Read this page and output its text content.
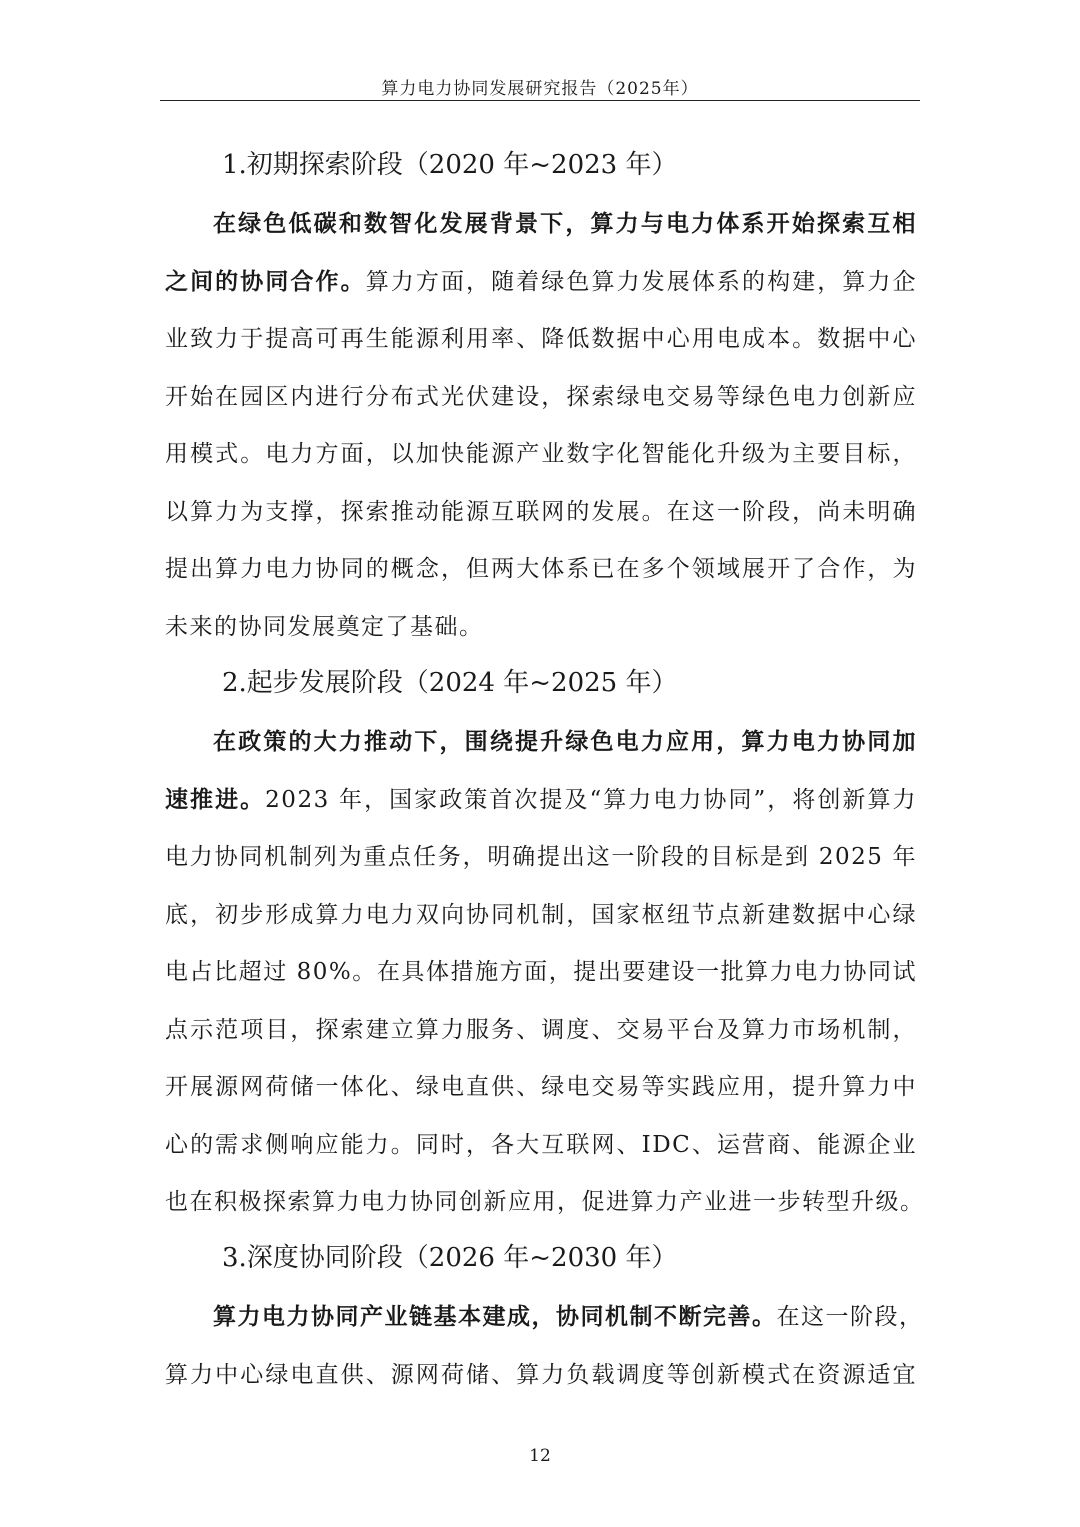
算力电力协同发展研究报告（2025年）
1.初期探索阶段（2020 年~2023 年）
在绿色低碳和数智化发展背景下，算力与电力体系开始探索互相
之间的协同合作。算力方面，随着绿色算力发展体系的构建，算力企
业致力于提高可再生能源利用率、降低数据中心用电成本。数据中心
开始在园区内进行分布式光伏建设，探索绿电交易等绿色电力创新应
用模式。电力方面，以加快能源产业数字化智能化升级为主要目标，
以算力为支撑，探索推动能源互联网的发展。在这一阶段，尚未明确
提出算力电力协同的概念，但两大体系已在多个领域展开了合作，为
未来的协同发展奠定了基础。
2.起步发展阶段（2024 年~2025 年）
在政策的大力推动下，围绕提升绿色电力应用，算力电力协同加
速推进。2023 年，国家政策首次提及“算力电力协同”，将创新算力
电力协同机制列为重点任务，明确提出这一阶段的目标是到 2025 年
底，初步形成算力电力双向协同机制，国家枢纽节点新建数据中心绿
电占比超过 80%。在具体措施方面，提出要建设一批算力电力协同试
点示范项目，探索建立算力服务、调度、交易平台及算力市场机制，
开展源网荷储一体化、绿电直供、绿电交易等实践应用，提升算力中
心的需求侧响应能力。同时，各大互联网、IDC、运营商、能源企业
也在积极探索算力电力协同创新应用，促进算力产业进一步转型升级。
3.深度协同阶段（2026 年~2030 年）
算力电力协同产业链基本建成，协同机制不断完善。在这一阶段，
算力中心绿电直供、源网荷储、算力负载调度等创新模式在资源适宜
12
